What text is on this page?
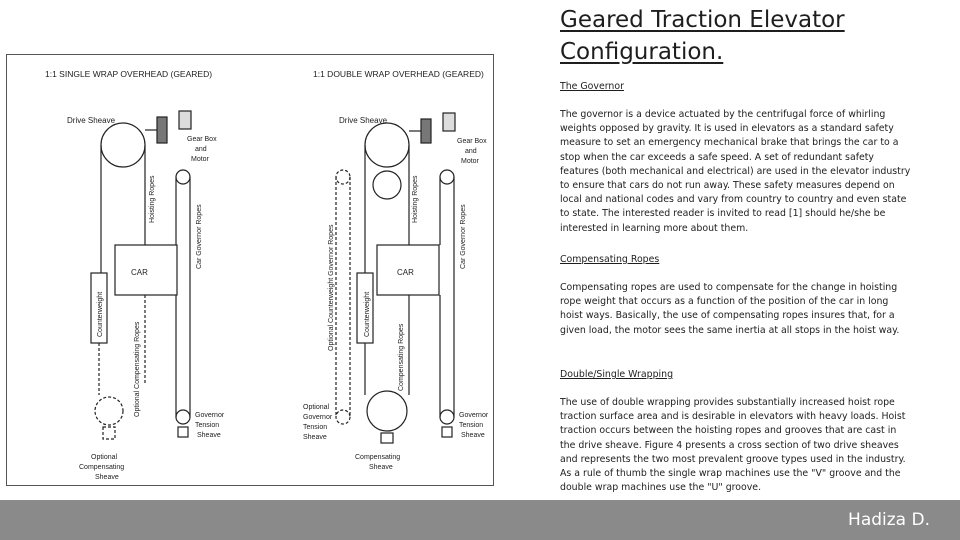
1:1 SINGLE WRAP OVERHEAD (GEARED)
Drive Sheave
Gear Box
and
Motor
Hoisting Ropes
Car Governor Ropes
CAR
Counterweight
Optional Compensating Ropes	Governor
Tension
Sheave
Optional
Compensating
Sheave
1:1 DOUBLE WRAP OVERHEAD (GEARED)
Drive Sheave
Gear Box
and
Motor
Hoisting Ropes
Car Governor Ropes
Optional Counterweight Governor Ropes	CAR
Counterweight
Compensating Ropes
Optional
Governor
Tension
Sheave
Governor
Tension
Sheave
Compensating
Sheave
Geared Traction Elevator Configuration.
The Governor
The governor is a device actuated by the centrifugal force of whirling weights opposed by gravity. It is used in elevators as a standard safety measure to set an emergency mechanical brake that brings the car to a stop when the car exceeds a safe speed. A set of redundant safety features (both mechanical and electrical) are used in the elevator industry to ensure that cars do not run away. These safety measures depend on local and national codes and vary from country to country and even state to state. The interested reader is invited to read [1] should he/she be interested in learning more about them.
Compensating Ropes
Compensating ropes are used to compensate for the change in hoisting rope weight that occurs as a function of the position of the car in long hoist ways. Basically, the use of compensating ropes insures that, for a given load, the motor sees the same inertia at all stops in the hoist way.
Double/Single Wrapping
The use of double wrapping provides substantially increased hoist rope traction surface area and is desirable in elevators with heavy loads. Hoist traction occurs between the hoisting ropes and grooves that are cast in the drive sheave. Figure 4 presents a cross section of two drive sheaves and represents the two most prevalent groove types used in the industry. As a rule of thumb the single wrap machines use the "V" groove and the double wrap machines use the "U" groove.
Hadiza D.
